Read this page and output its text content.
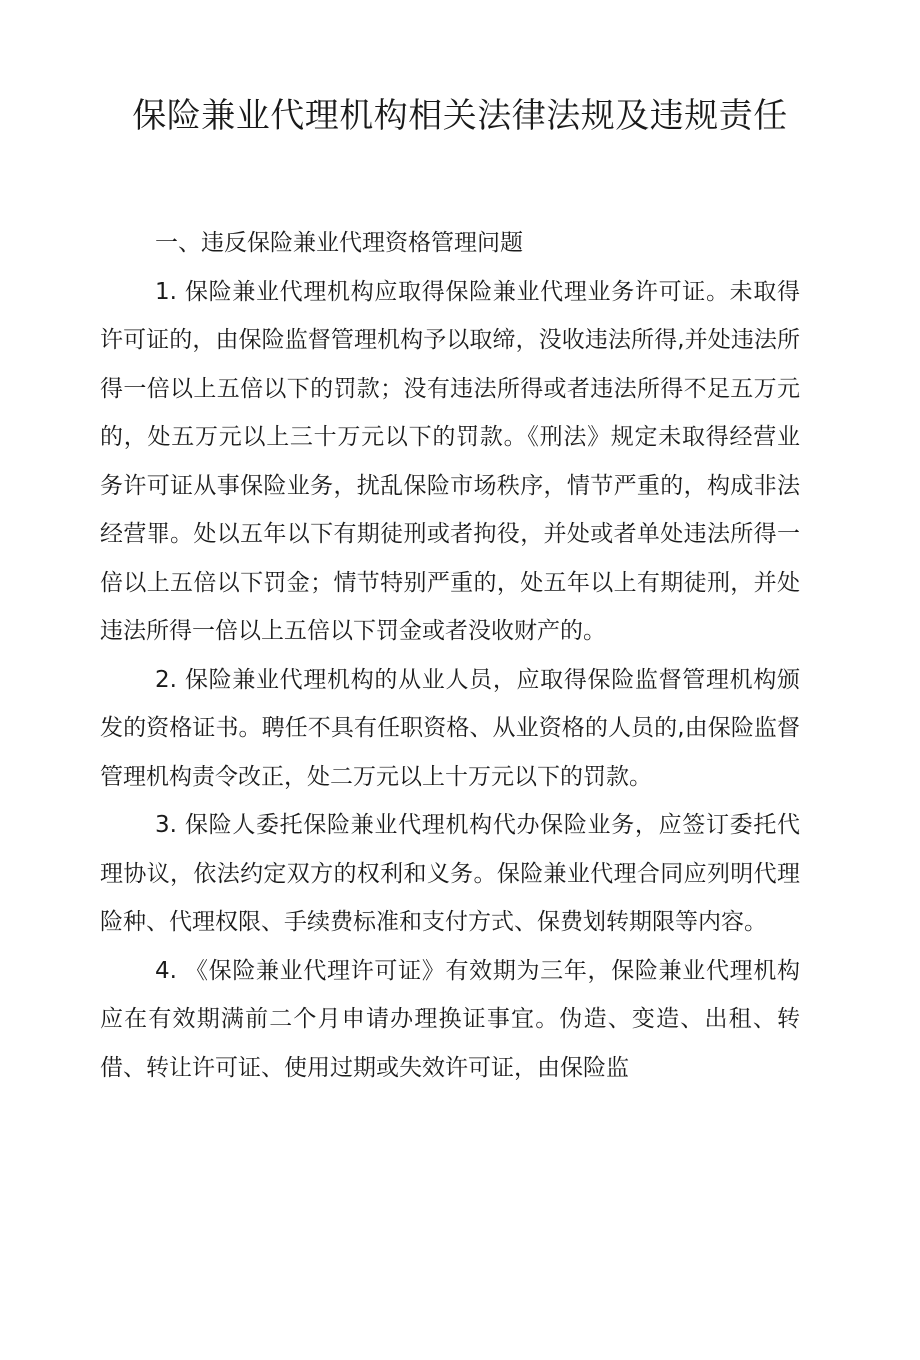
保险兼业代理机构相关法律法规及违规责任

一、违反保险兼业代理资格管理问题

1. 保险兼业代理机构应取得保险兼业代理业务许可证。未取得许可证的，由保险监督管理机构予以取缔，没收违法所得,并处违法所得一倍以上五倍以下的罚款；没有违法所得或者违法所得不足五万元的，处五万元以上三十万元以下的罚款。《刑法》规定未取得经营业务许可证从事保险业务，扰乱保险市场秩序，情节严重的，构成非法经营罪。处以五年以下有期徒刑或者拘役，并处或者单处违法所得一倍以上五倍以下罚金；情节特别严重的，处五年以上有期徒刑，并处违法所得一倍以上五倍以下罚金或者没收财产的。

2. 保险兼业代理机构的从业人员，应取得保险监督管理机构颁发的资格证书。聘任不具有任职资格、从业资格的人员的,由保险监督管理机构责令改正，处二万元以上十万元以下的罚款。

3. 保险人委托保险兼业代理机构代办保险业务，应签订委托代理协议，依法约定双方的权利和义务。保险兼业代理合同应列明代理险种、代理权限、手续费标准和支付方式、保费划转期限等内容。

4. 《保险兼业代理许可证》有效期为三年，保险兼业代理机构应在有效期满前二个月申请办理换证事宜。伪造、变造、出租、转借、转让许可证、使用过期或失效许可证，由保险监
